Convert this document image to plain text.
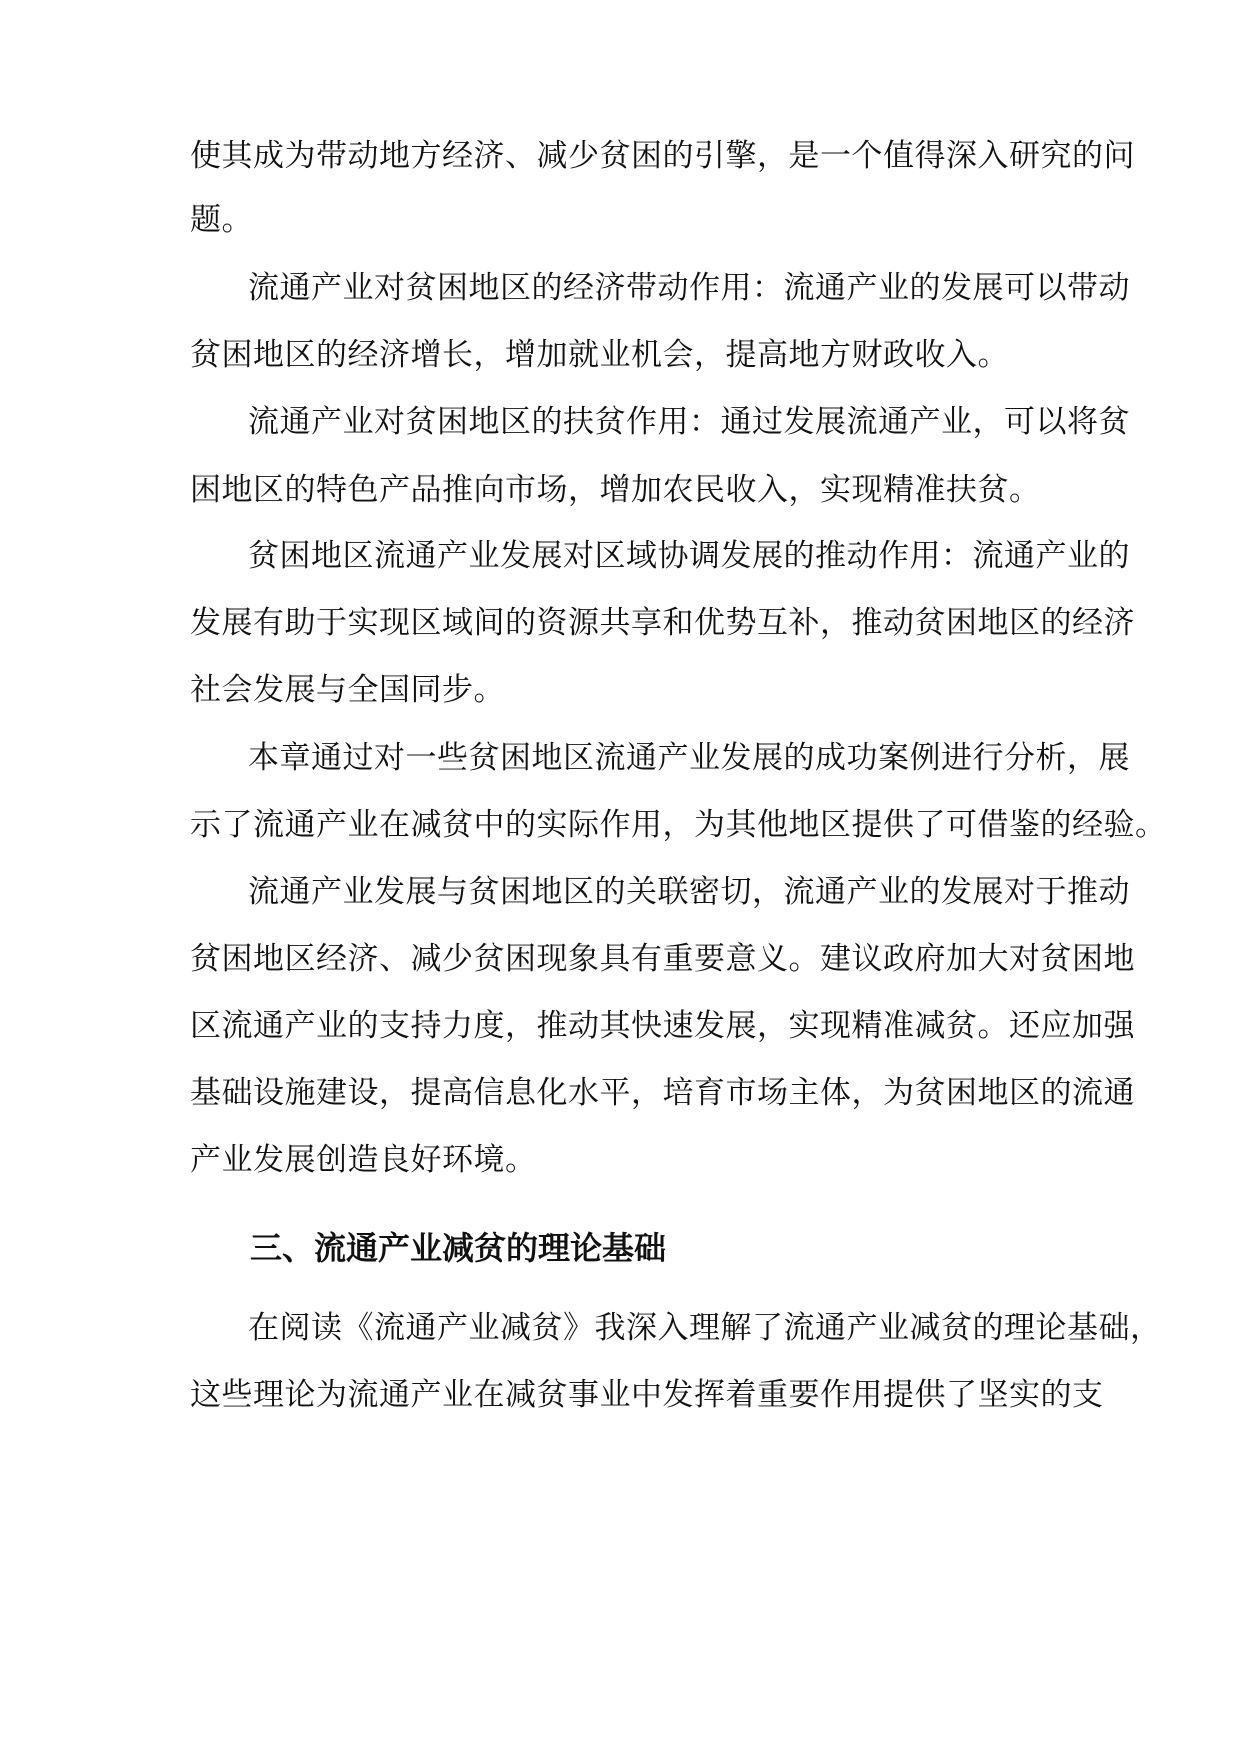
使其成为带动地方经济、减少贫困的引擎，是一个值得深入研究的问
题。
流通产业对贫困地区的经济带动作用：流通产业的发展可以带动
贫困地区的经济增长，增加就业机会，提高地方财政收入。
流通产业对贫困地区的扶贫作用：通过发展流通产业，可以将贫
困地区的特色产品推向市场，增加农民收入，实现精准扶贫。
贫困地区流通产业发展对区域协调发展的推动作用：流通产业的
发展有助于实现区域间的资源共享和优势互补，推动贫困地区的经济
社会发展与全国同步。
本章通过对一些贫困地区流通产业发展的成功案例进行分析，展
示了流通产业在减贫中的实际作用，为其他地区提供了可借鉴的经验。
流通产业发展与贫困地区的关联密切，流通产业的发展对于推动
贫困地区经济、减少贫困现象具有重要意义。建议政府加大对贫困地
区流通产业的支持力度，推动其快速发展，实现精准减贫。还应加强
基础设施建设，提高信息化水平，培育市场主体，为贫困地区的流通
产业发展创造良好环境。
三、流通产业减贫的理论基础
在阅读《流通产业减贫》我深入理解了流通产业减贫的理论基础，
这些理论为流通产业在减贫事业中发挥着重要作用提供了坚实的支
